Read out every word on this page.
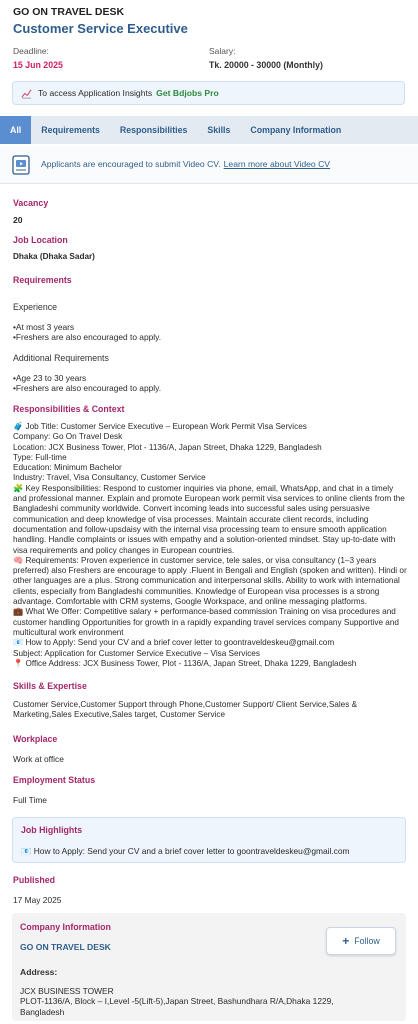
GO ON TRAVEL DESK
Customer Service Executive
Deadline:
15 Jun 2025
Salary:
Tk. 20000 - 30000 (Monthly)
To access Application Insights Get Bdjobs Pro
All	Requirements	Responsibilities	Skills	Company Information
Applicants are encouraged to submit Video CV. Learn more about Video CV
Vacancy
20
Job Location
Dhaka (Dhaka Sadar)
Requirements
Experience
•At most 3 years
•Freshers are also encouraged to apply.
Additional Requirements
•Age 23 to 30 years
•Freshers are also encouraged to apply.
Responsibilities & Context

🧳 Job Title: Customer Service Executive – European Work Permit Visa Services

Company: Go On Travel Desk

Location: JCX Business Tower, Plot - 1136/A, Japan Street, Dhaka 1229, Bangladesh

Type: Full-time

Education: Minimum Bachelor

Industry: Travel, Visa Consultancy, Customer Service

🧩 Key Responsibilities: Respond to customer inquiries via phone, email, WhatsApp, and chat in a timely and professional manner. Explain and promote European work permit visa services to online clients from the Bangladeshi community worldwide. Convert incoming leads into successful sales using persuasive communication and deep knowledge of visa processes. Maintain accurate client records, including documentation and follow-upsdaisy with the internal visa processing team to ensure smooth application handling. Handle complaints or issues with empathy and a solution-oriented mindset. Stay up-to-date with visa requirements and policy changes in European countries.

🧠 Requirements: Proven experience in customer service, tele sales, or visa consultancy (1–3 years preferred) also Freshers are encourage to apply .Fluent in Bengali and English (spoken and written). Hindi or other languages are a plus. Strong communication and interpersonal skills. Ability to work with international clients, especially from Bangladeshi communities. Knowledge of European visa processes is a strong advantage. Comfortable with CRM systems, Google Workspace, and online messaging platforms.

💼 What We Offer: Competitive salary + performance-based commission Training on visa procedures and customer handling Opportunities for growth in a rapidly expanding travel services company Supportive and multicultural work environment

📧 How to Apply: Send your CV and a brief cover letter to goontraveldeskeu@gmail.com

Subject: Application for Customer Service Executive – Visa Services

📍 Office Address: JCX Business Tower, Plot - 1136/A, Japan Street, Dhaka 1229, Bangladesh

Skills & Expertise
Customer Service,Customer Support through Phone,Customer Support/ Client Service,Sales & Marketing,Sales Executive,Sales target, Customer Service
Workplace
Work at office
Employment Status
Full Time
Job Highlights
📧 How to Apply: Send your CV and a brief cover letter to goontraveldeskeu@gmail.com
Published
17 May 2025
Company Information
GO ON TRAVEL DESK	+ Follow
Address:
JCX BUSINESS TOWER
PLOT-1136/A, Block – I,Level -5(Lift-5),Japan Street, Bashundhara R/A,Dhaka 1229, Bangladesh
